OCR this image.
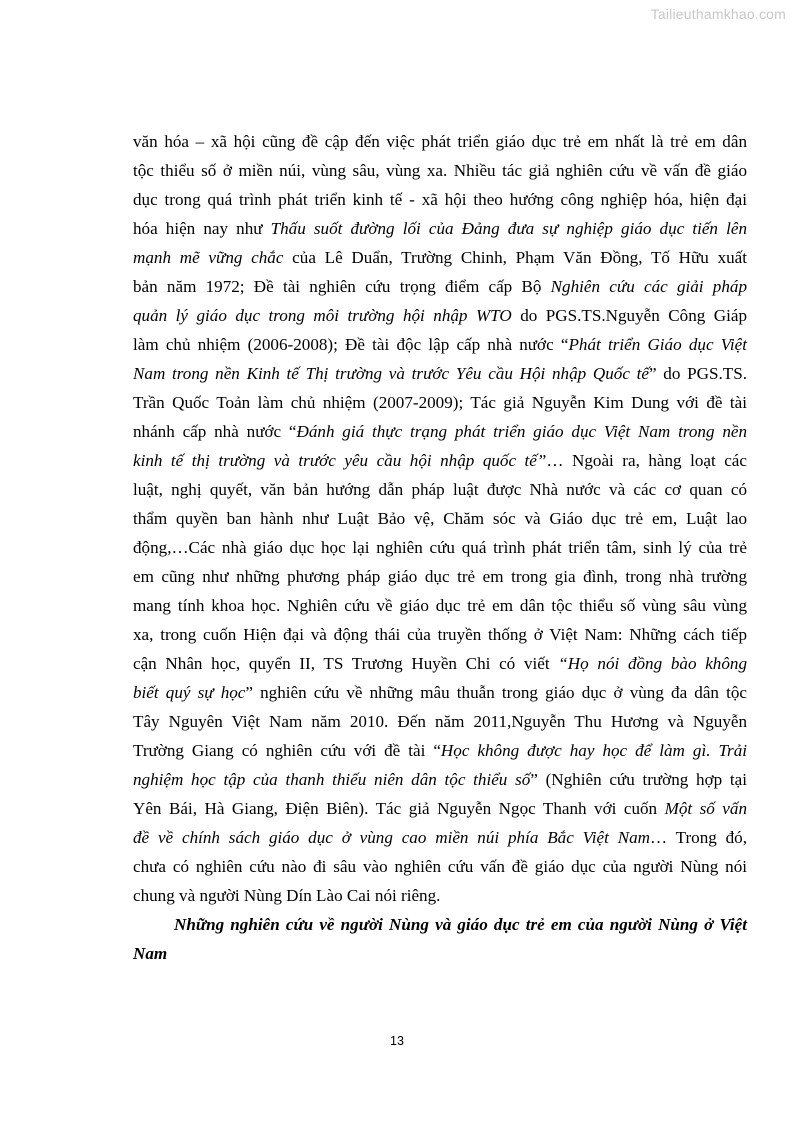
Tailieuthamkhao.com
văn hóa – xã hội cũng đề cập đến việc phát triển giáo dục trẻ em nhất là trẻ em dân
tộc thiểu số ở miền núi, vùng sâu, vùng xa. Nhiều tác giả nghiên cứu về vấn đề giáo
dục trong quá trình phát triển kinh tế - xã hội theo hướng công nghiệp hóa, hiện đại
hóa hiện nay như Thấu suốt đường lối của Đảng đưa sự nghiệp giáo dục tiến lên
mạnh mẽ vững chắc của Lê Duẩn, Trường Chinh, Phạm Văn Đồng, Tố Hữu xuất
bản năm 1972; Đề tài nghiên cứu trọng điểm cấp Bộ Nghiên cứu các giải pháp
quản lý giáo dục trong môi trường hội nhập WTO do PGS.TS.Nguyễn Công Giáp
làm chủ nhiệm (2006-2008); Đề tài độc lập cấp nhà nước “Phát triển Giáo dục Việt
Nam trong nền Kinh tế Thị trường và trước Yêu cầu Hội nhập Quốc tế” do PGS.TS.
Trần Quốc Toản làm chủ nhiệm (2007-2009); Tác giả Nguyễn Kim Dung với đề tài
nhánh cấp nhà nước “Đánh giá thực trạng phát triển giáo dục Việt Nam trong nền
kinh tế thị trường và trước yêu cầu hội nhập quốc tế”… Ngoài ra, hàng loạt các
luật, nghị quyết, văn bản hướng dẫn pháp luật được Nhà nước và các cơ quan có
thẩm quyền ban hành như Luật Bảo vệ, Chăm sóc và Giáo dục trẻ em, Luật lao
động,…Các nhà giáo dục học lại nghiên cứu quá trình phát triển tâm, sinh lý của trẻ
em cũng như những phương pháp giáo dục trẻ em trong gia đình, trong nhà trường
mang tính khoa học. Nghiên cứu về giáo dục trẻ em dân tộc thiểu số vùng sâu vùng
xa, trong cuốn Hiện đại và động thái của truyền thống ở Việt Nam: Những cách tiếp
cận Nhân học, quyển II, TS Trương Huyền Chi có viết “Họ nói đồng bào không
biết quý sự học” nghiên cứu về những mâu thuẫn trong giáo dục ở vùng đa dân tộc
Tây Nguyên Việt Nam năm 2010. Đến năm 2011,Nguyễn Thu Hương và Nguyễn
Trường Giang có nghiên cứu với đề tài “Học không được hay học để làm gì. Trải
nghiệm học tập của thanh thiếu niên dân tộc thiểu số” (Nghiên cứu trường hợp tại
Yên Bái, Hà Giang, Điện Biên). Tác giả Nguyễn Ngọc Thanh với cuốn Một số vấn
đề về chính sách giáo dục ở vùng cao miền núi phía Bắc Việt Nam… Trong đó,
chưa có nghiên cứu nào đi sâu vào nghiên cứu vấn đề giáo dục của người Nùng nói
chung và người Nùng Dín Lào Cai nói riêng.
Những nghiên cứu về người Nùng và giáo dục trẻ em của người Nùng ở Việt
Nam
13
